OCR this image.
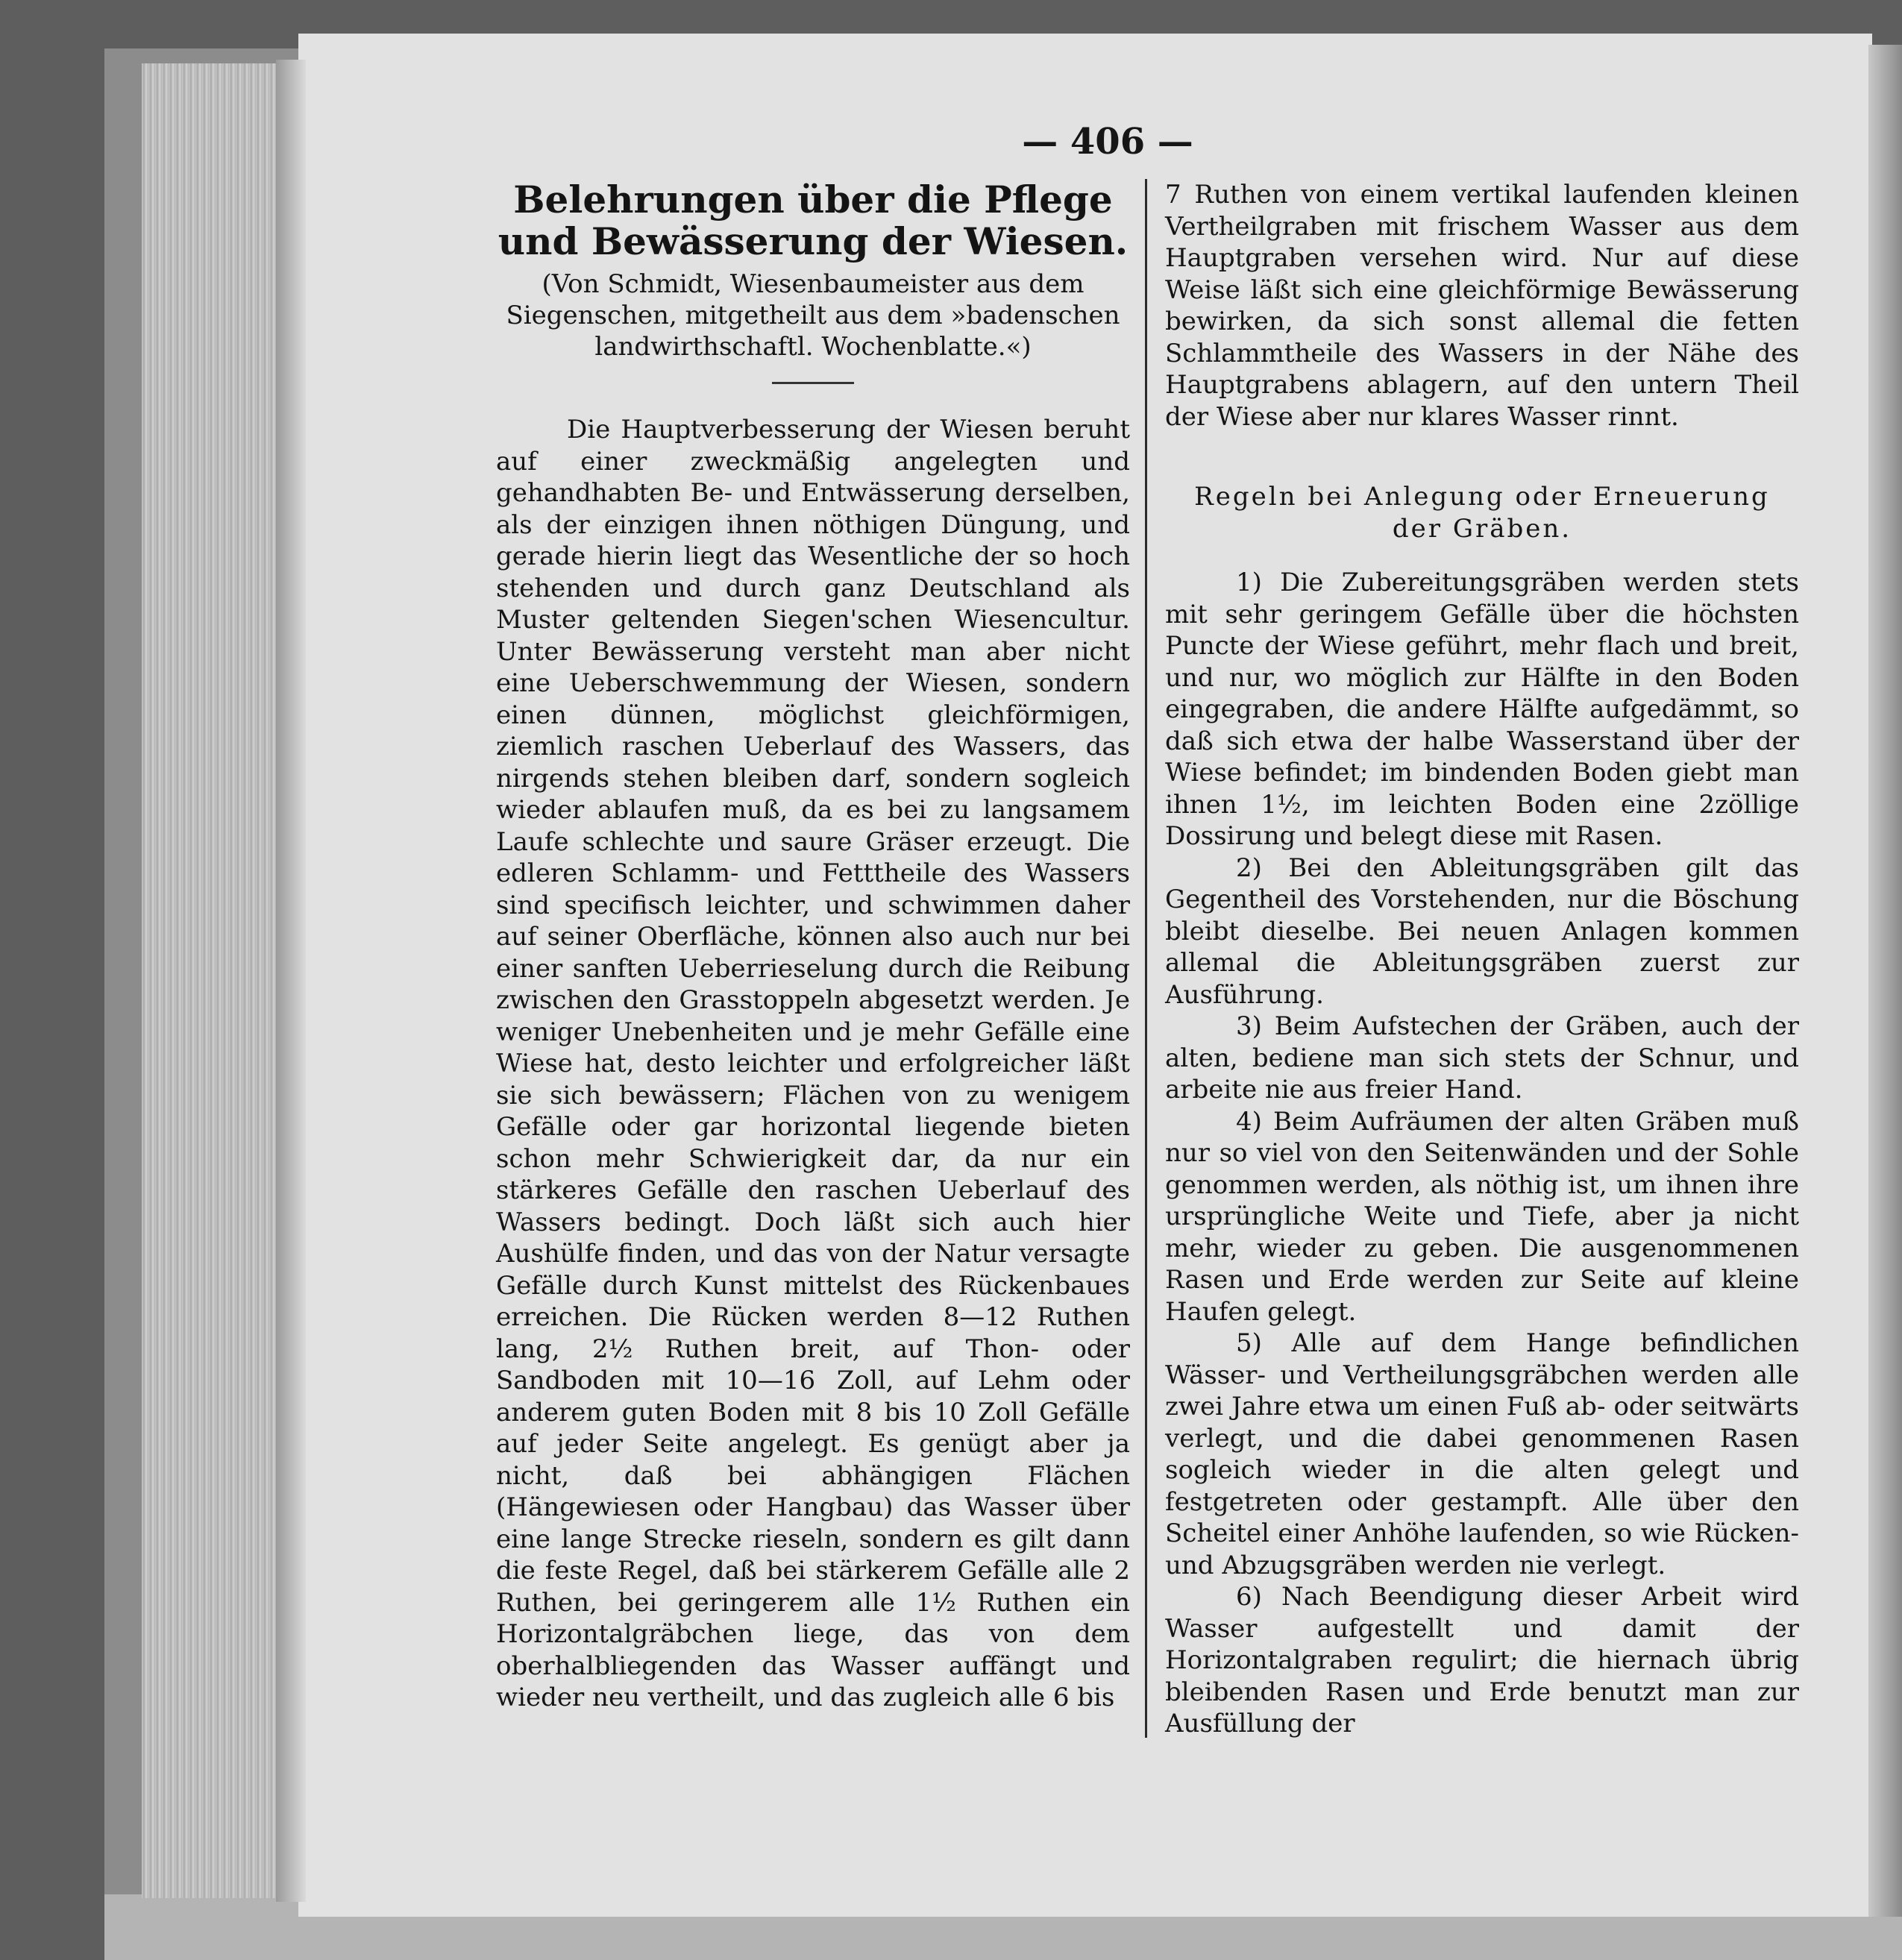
— 406 —
Belehrungen über die Pflege und Bewässerung der Wiesen.

(Von Schmidt, Wiesenbaumeister aus dem Siegenschen, mitgetheilt aus dem »badenschen landwirthschaftl. Wochenblatte.«)

Die Hauptverbesserung der Wiesen beruht auf einer zweckmäßig angelegten und gehandhabten Be- und Entwässerung derselben, als der einzigen ihnen nöthigen Düngung, und gerade hierin liegt das Wesentliche der so hoch stehenden und durch ganz Deutschland als Muster geltenden Siegen'schen Wiesencultur. Unter Bewässerung versteht man aber nicht eine Ueberschwemmung der Wiesen, sondern einen dünnen, möglichst gleichförmigen, ziemlich raschen Ueberlauf des Wassers, das nirgends stehen bleiben darf, sondern sogleich wieder ablaufen muß, da es bei zu langsamem Laufe schlechte und saure Gräser erzeugt. Die edleren Schlamm- und Fetttheile des Wassers sind specifisch leichter, und schwimmen daher auf seiner Oberfläche, können also auch nur bei einer sanften Ueberrieselung durch die Reibung zwischen den Grasstoppeln abgesetzt werden. Je weniger Unebenheiten und je mehr Gefälle eine Wiese hat, desto leichter und erfolgreicher läßt sie sich bewässern; Flächen von zu wenigem Gefälle oder gar horizontal liegende bieten schon mehr Schwierigkeit dar, da nur ein stärkeres Gefälle den raschen Ueberlauf des Wassers bedingt. Doch läßt sich auch hier Aushülfe finden, und das von der Natur versagte Gefälle durch Kunst mittelst des Rückenbaues erreichen. Die Rücken werden 8—12 Ruthen lang, 2½ Ruthen breit, auf Thon- oder Sandboden mit 10—16 Zoll, auf Lehm oder anderem guten Boden mit 8 bis 10 Zoll Gefälle auf jeder Seite angelegt. Es genügt aber ja nicht, daß bei abhängigen Flächen (Hängewiesen oder Hangbau) das Wasser über eine lange Strecke rieseln, sondern es gilt dann die feste Regel, daß bei stärkerem Gefälle alle 2 Ruthen, bei geringerem alle 1½ Ruthen ein Horizontalgräbchen liege, das von dem oberhalbliegenden das Wasser auffängt und wieder neu vertheilt, und das zugleich alle 6 bis

7 Ruthen von einem vertikal laufenden kleinen Vertheilgraben mit frischem Wasser aus dem Hauptgraben versehen wird. Nur auf diese Weise läßt sich eine gleichförmige Bewässerung bewirken, da sich sonst allemal die fetten Schlammtheile des Wassers in der Nähe des Hauptgrabens ablagern, auf den untern Theil der Wiese aber nur klares Wasser rinnt.

Regeln bei Anlegung oder Erneuerung der Gräben.

1) Die Zubereitungsgräben werden stets mit sehr geringem Gefälle über die höchsten Puncte der Wiese geführt, mehr flach und breit, und nur, wo möglich zur Hälfte in den Boden eingegraben, die andere Hälfte aufgedämmt, so daß sich etwa der halbe Wasserstand über der Wiese befindet; im bindenden Boden giebt man ihnen 1½, im leichten Boden eine 2zöllige Dossirung und belegt diese mit Rasen.

2) Bei den Ableitungsgräben gilt das Gegentheil des Vorstehenden, nur die Böschung bleibt dieselbe. Bei neuen Anlagen kommen allemal die Ableitungsgräben zuerst zur Ausführung.

3) Beim Aufstechen der Gräben, auch der alten, bediene man sich stets der Schnur, und arbeite nie aus freier Hand.

4) Beim Aufräumen der alten Gräben muß nur so viel von den Seitenwänden und der Sohle genommen werden, als nöthig ist, um ihnen ihre ursprüngliche Weite und Tiefe, aber ja nicht mehr, wieder zu geben. Die ausgenommenen Rasen und Erde werden zur Seite auf kleine Haufen gelegt.

5) Alle auf dem Hange befindlichen Wässer- und Vertheilungsgräbchen werden alle zwei Jahre etwa um einen Fuß ab- oder seitwärts verlegt, und die dabei genommenen Rasen sogleich wieder in die alten gelegt und festgetreten oder gestampft. Alle über den Scheitel einer Anhöhe laufenden, so wie Rücken- und Abzugsgräben werden nie verlegt.

6) Nach Beendigung dieser Arbeit wird Wasser aufgestellt und damit der Horizontalgraben regulirt; die hiernach übrig bleibenden Rasen und Erde benutzt man zur Ausfüllung der
